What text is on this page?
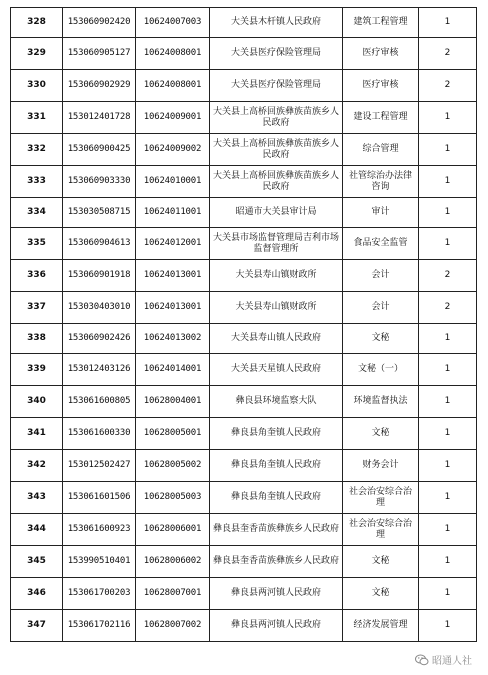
328	153060902420	10624007003	大关县木杆镇人民政府	建筑工程管理	1
329	153060905127	10624008001	大关县医疗保险管理局	医疗审核	2
330	153060902929	10624008001	大关县医疗保险管理局	医疗审核	2
331	153012401728	10624009001	大关县上高桥回族彝族苗族乡人民政府	建设工程管理	1
332	153060900425	10624009002	大关县上高桥回族彝族苗族乡人民政府	综合管理	1
333	153060903330	10624010001	大关县上高桥回族彝族苗族乡人民政府	社管综治办法律咨询	1
334	153030508715	10624011001	昭通市大关县审计局	审计	1
335	153060904613	10624012001	大关县市场监督管理局吉利市场监督管理所	食品安全监管	1
336	153060901918	10624013001	大关县寿山镇财政所	会计	2
337	153030403010	10624013001	大关县寿山镇财政所	会计	2
338	153060902426	10624013002	大关县寿山镇人民政府	文秘	1
339	153012403126	10624014001	大关县天星镇人民政府	文秘（一）	1
340	153061600805	10628004001	彝良县环境监察大队	环境监督执法	1
341	153061600330	10628005001	彝良县角奎镇人民政府	文秘	1
342	153012502427	10628005002	彝良县角奎镇人民政府	财务会计	1
343	153061601506	10628005003	彝良县角奎镇人民政府	社会治安综合治理	1
344	153061600923	10628006001	彝良县奎香苗族彝族乡人民政府	社会治安综合治理	1
345	153990510401	10628006002	彝良县奎香苗族彝族乡人民政府	文秘	1
346	153061700203	10628007001	彝良县两河镇人民政府	文秘	1
347	153061702116	10628007002	彝良县两河镇人民政府	经济发展管理	1
昭通人社
